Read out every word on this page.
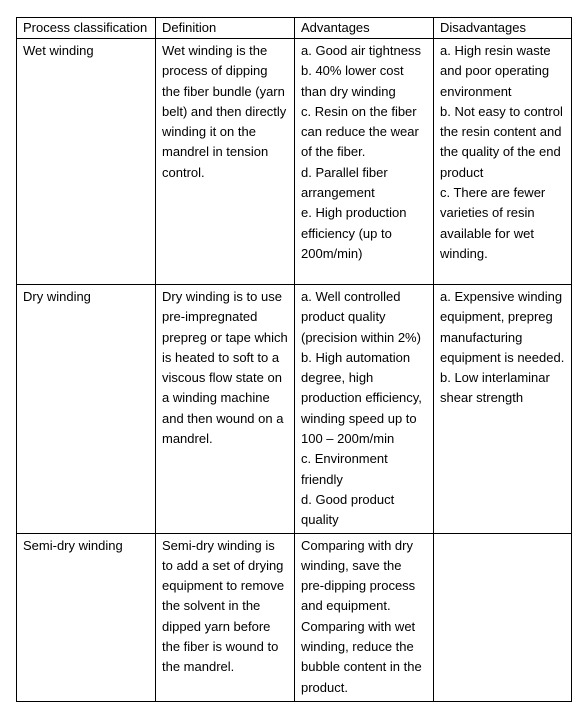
Process classification	Definition	Advantages	Disadvantages
Wet winding	Wet winding is the process of dipping the fiber bundle (yarn belt) and then directly winding it on the mandrel in tension control.	a. Good air tightness
b. 40% lower cost than dry winding
c. Resin on the fiber can reduce the wear of the fiber.
d. Parallel fiber arrangement
e. High production efficiency (up to 200m/min)	a. High resin waste and poor operating environment
b. Not easy to control the resin content and the quality of the end product
c. There are fewer varieties of resin available for wet winding.

Dry winding	Dry winding is to use pre-impregnated prepreg or tape which is heated to soft to a viscous flow state on a winding machine and then wound on a mandrel.	a. Well controlled product quality (precision within 2%)
b. High automation degree, high production efficiency, winding speed up to 100 – 200m/min
c. Environment friendly
d. Good product quality	a. Expensive winding equipment, prepreg manufacturing equipment is needed.
b. Low interlaminar shear strength

Semi-dry winding	Semi-dry winding is to add a set of drying equipment to remove the solvent in the dipped yarn before the fiber is wound to the mandrel.	Comparing with dry winding, save the pre-dipping process and equipment.
Comparing with wet winding, reduce the bubble content in the product.	
